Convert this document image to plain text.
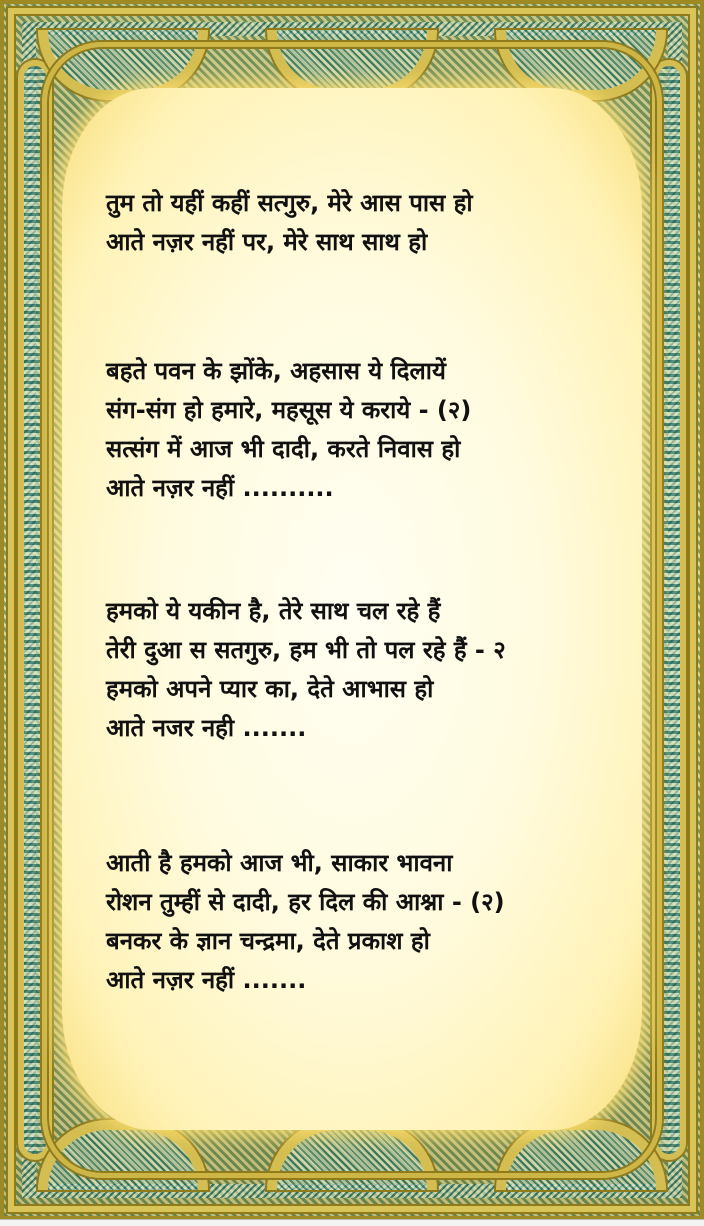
तुम तो यहीं कहीं सत्गुरु, मेरे आस पास हो
आते नज़र नहीं पर, मेरे साथ साथ हो
बहते पवन के झोंके, अहसास ये दिलायें
संग-संग हो हमारे, महसूस ये कराये - (२)
सत्संग में आज भी दादी, करते निवास हो
आते नज़र नहीं ..........
हमको ये यकीन है, तेरे साथ चल रहे हैं
तेरी दुआ स सतगुरु, हम भी तो पल रहे हैं - २
हमको अपने प्यार का, देते आभास हो
आते नजर नही .......
आती है हमको आज भी, साकार भावना
रोशन तुम्हीं से दादी, हर दिल की आश्ना - (२)
बनकर के ज्ञान चन्द्रमा, देते प्रकाश हो
आते नज़र नहीं .......
